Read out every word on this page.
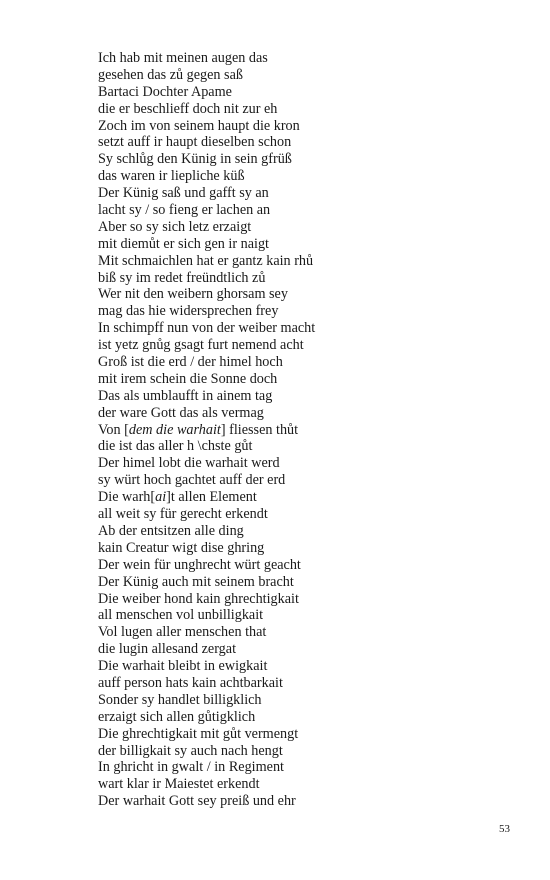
Ich hab mit meinen augen das
gesehen das zů gegen saß
Bartaci Dochter Apame
die er beschlieff doch nit zur eh
Zoch im von seinem haupt die kron
setzt auff ir haupt dieselben schon
Sy schlůg den Künig in sein gfrüß
das waren ir liepliche küß
Der Künig saß und gafft sy an
lacht sy / so fieng er lachen an
Aber so sy sich letz erzaigt
mit diemůt er sich gen ir naigt
Mit schmaichlen hat er gantz kain rhů
biß sy im redet freündtlich zů
Wer nit den weibern ghorsam sey
mag das hie widersprechen frey
In schimpff nun von der weiber macht
ist yetz gnůg gsagt furt nemend acht
Groß ist die erd / der himel hoch
mit irem schein die Sonne doch
Das als umblaufft in ainem tag
der ware Gott das als vermag
Von [dem die warhait] fliessen thůt
die ist das aller h \chste gůt
Der himel lobt die warhait werd
sy würt hoch gachtet auff der erd
Die warh[ai]t allen Element
all weit sy für gerecht erkendt
Ab der entsitzen alle ding
kain Creatur wigt dise ghring
Der wein für unghrecht würt geacht
Der Künig auch mit seinem bracht
Die weiber hond kain ghrechtigkait
all menschen vol unbilligkait
Vol lugen aller menschen that
die lugin allesand zergat
Die warhait bleibt in ewigkait
auff person hats kain achtbarkait
Sonder sy handlet billigklich
erzaigt sich allen gůtigklich
Die ghrechtigkait mit gůt vermengt
der billigkait sy auch nach hengt
In ghricht in gwalt / in Regiment
wart klar ir Maiestet erkendt
Der warhait Gott sey preiß und ehr
53
